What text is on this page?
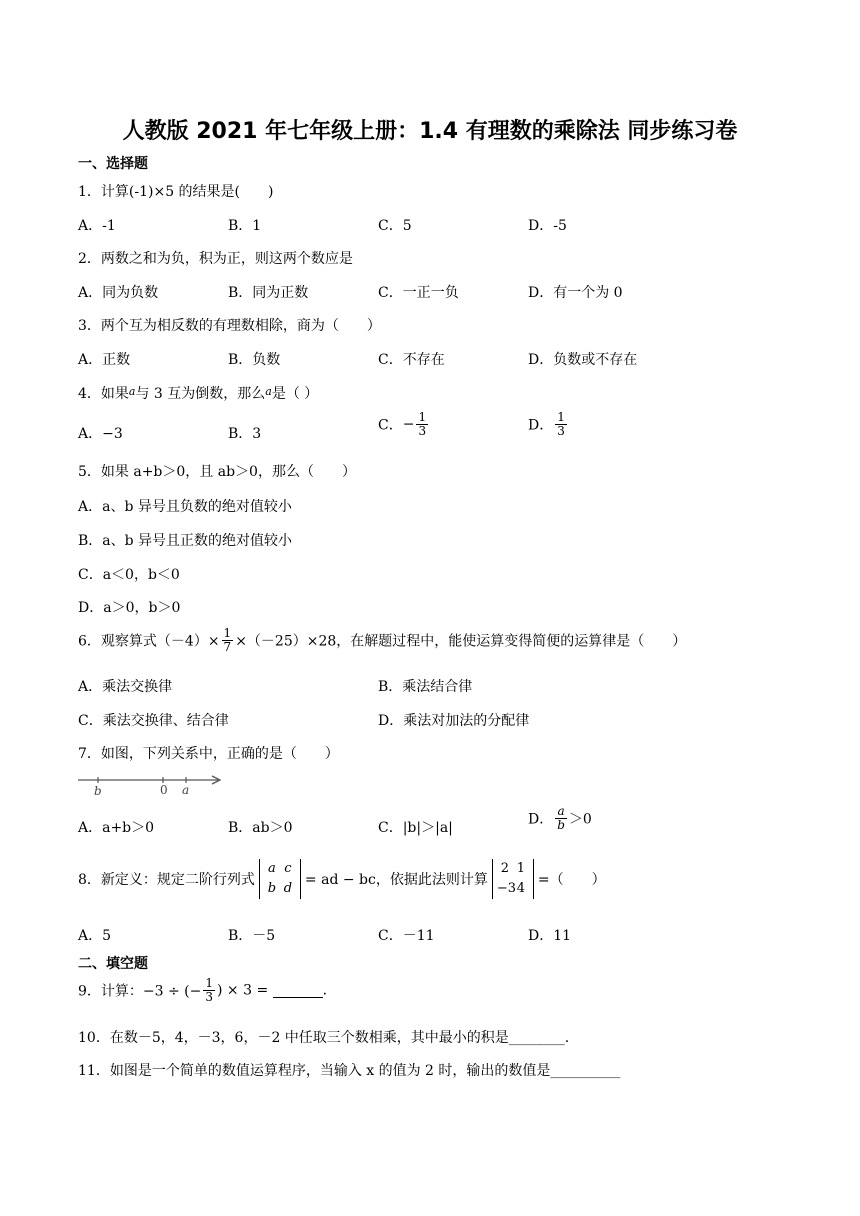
人教版 2021 年七年级上册：1.4 有理数的乘除法 同步练习卷
一、选择题
1．计算(-1)×5 的结果是(　　)
A．-1	B．1	C．5	D．-5
2．两数之和为负，积为正，则这两个数应是
A．同为负数	B．同为正数	C．一正一负	D．有一个为 0
3．两个互为相反数的有理数相除，商为（　　）
A．正数	B．负数	C．不存在	D．负数或不存在
4．如果$^a$与 3 互为倒数，那么$^a$是（ ）
A．−3	B．3
C．− $\frac{1}{3}$	D． $\frac{1}{3}$
5．如果 a+b＞0，且 ab＞0，那么（　　）
A．a、b 异号且负数的绝对值较小
B．a、b 异号且正数的绝对值较小
C．a＜0，b＜0
D．a＞0，b＞0
6．观察算式$(-4)\times \frac{1}{7} \times(-25)\times 28$，在解题过程中，能使运算变得简便的运算律是（　　）
A．乘法交换律	B．乘法结合律
C．乘法交换律、结合律	D．乘法对加法的分配律
7．如图，下列关系中，正确的是（　　）
b	0 a
A．a+b＞0	B．ab＞0	C．|b|＞|a|
D． $\frac{a}{b} >0$
8．新定义：规定二阶行列式
a c
b d
= ad − bc，依据此法则计算
2 1
−34
=（　　）
A．5	B．－5	C．－11	D．11
二、填空题
9．计算：−3 ÷ (− $\frac{1}{3}$ ) × 3 =	.
10．在数－5，4，－3，6，－2 中任取三个数相乘，其中最小的积是________.
11．如图是一个简单的数值运算程序，当输入 x 的值为 2 时，输出的数值是__________
